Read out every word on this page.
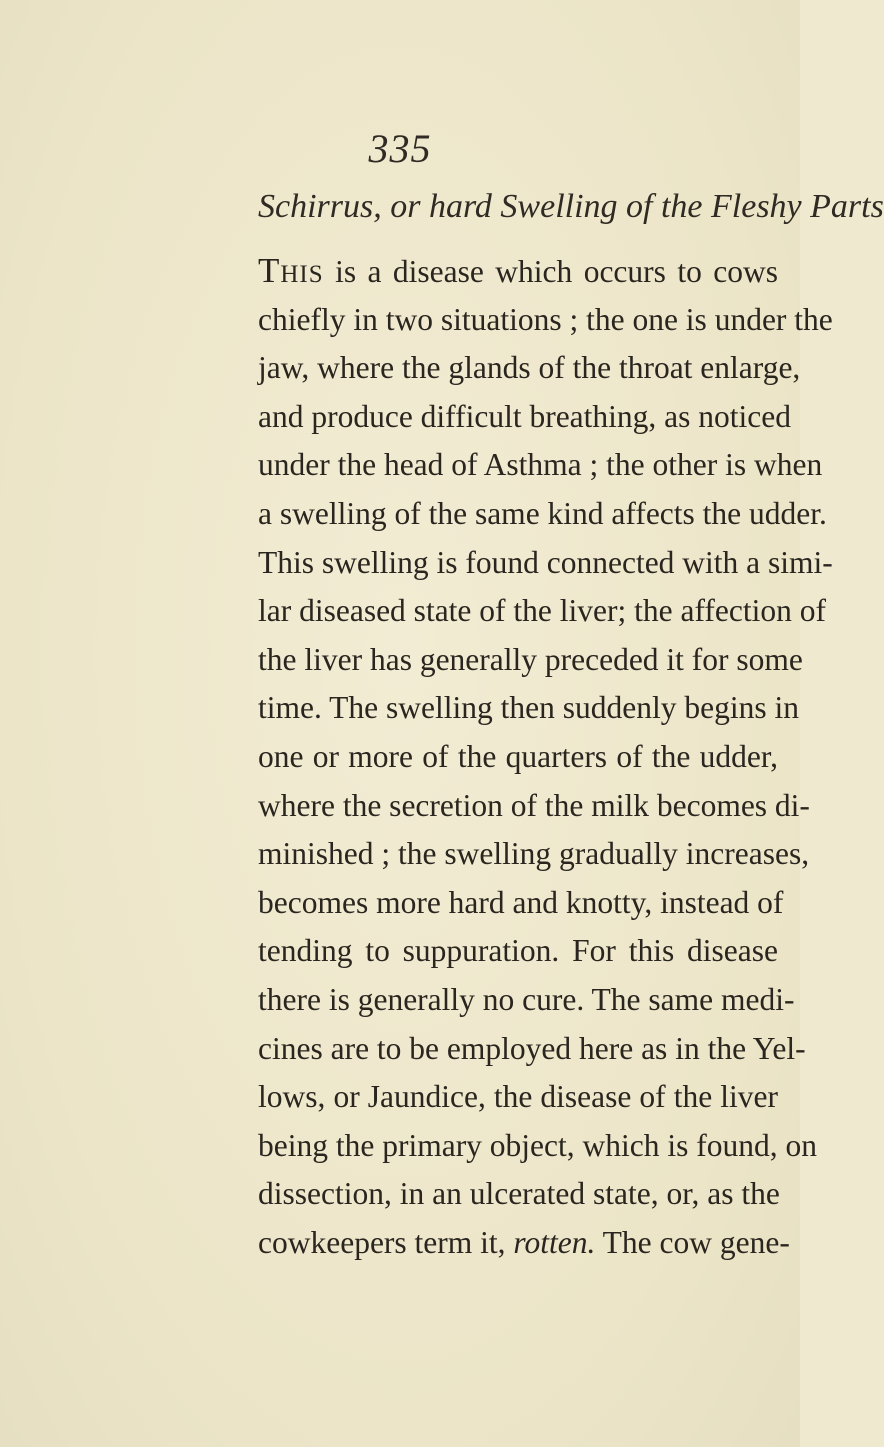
335
Schirrus, or hard Swelling of the Fleshy Parts
This is a disease which occurs to cows
chiefly in two situations ; the one is under the
jaw, where the glands of the throat enlarge,
and produce difficult breathing, as noticed
under the head of Asthma ; the other is when
a swelling of the same kind affects the udder.
This swelling is found connected with a simi-
lar diseased state of the liver; the affection of
the liver has generally preceded it for some
time. The swelling then suddenly begins in
one or more of the quarters of the udder,
where the secretion of the milk becomes di-
minished ; the swelling gradually increases,
becomes more hard and knotty, instead of
tending to suppuration. For this disease
there is generally no cure. The same medi-
cines are to be employed here as in the Yel-
lows, or Jaundice, the disease of the liver
being the primary object, which is found, on
dissection, in an ulcerated state, or, as the
cowkeepers term it, rotten. The cow gene-
